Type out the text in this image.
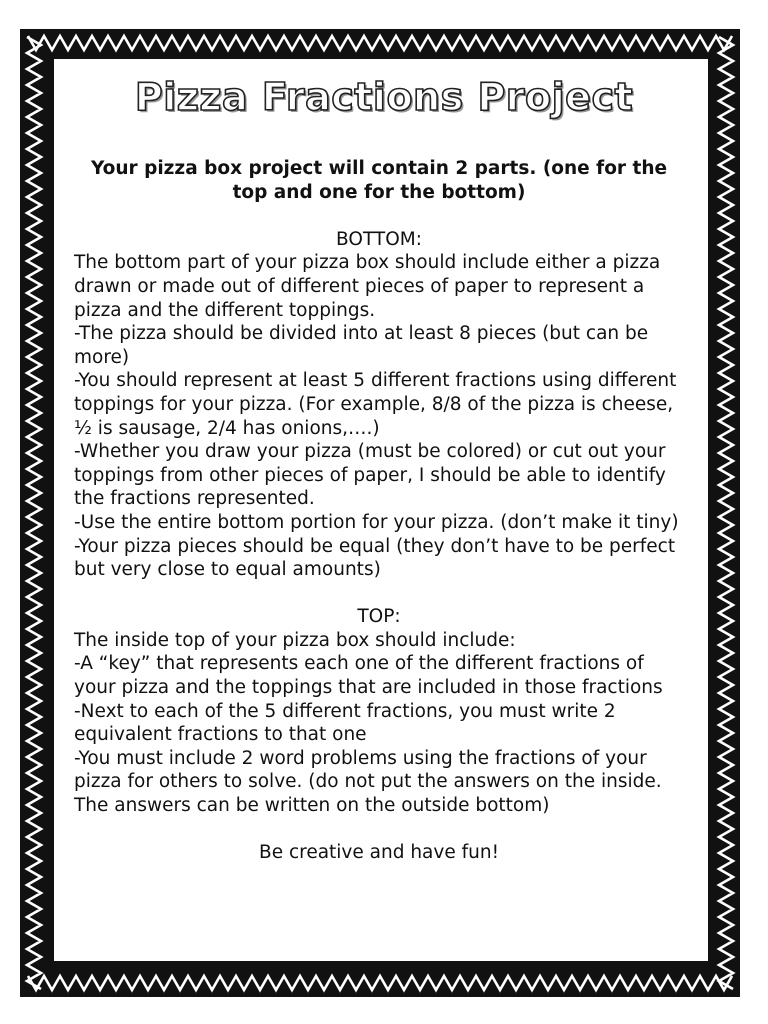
Pizza Fractions Project

Your pizza box project will contain 2 parts. (one for the top and one for the bottom)

BOTTOM:

The bottom part of your pizza box should include either a pizza drawn or made out of different pieces of paper to represent a pizza and the different toppings.

-The pizza should be divided into at least 8 pieces (but can be more)

-You should represent at least 5 different fractions using different toppings for your pizza. (For example, 8/8 of the pizza is cheese, ½ is sausage, 2/4 has onions,….)

-Whether you draw your pizza (must be colored) or cut out your toppings from other pieces of paper, I should be able to identify the fractions represented.

-Use the entire bottom portion for your pizza. (don’t make it tiny)

-Your pizza pieces should be equal (they don’t have to be perfect but very close to equal amounts)

TOP:

The inside top of your pizza box should include:

-A “key” that represents each one of the different fractions of your pizza and the toppings that are included in those fractions

-Next to each of the 5 different fractions, you must write 2 equivalent fractions to that one

-You must include 2 word problems using the fractions of your pizza for others to solve. (do not put the answers on the inside. The answers can be written on the outside bottom)

Be creative and have fun!
